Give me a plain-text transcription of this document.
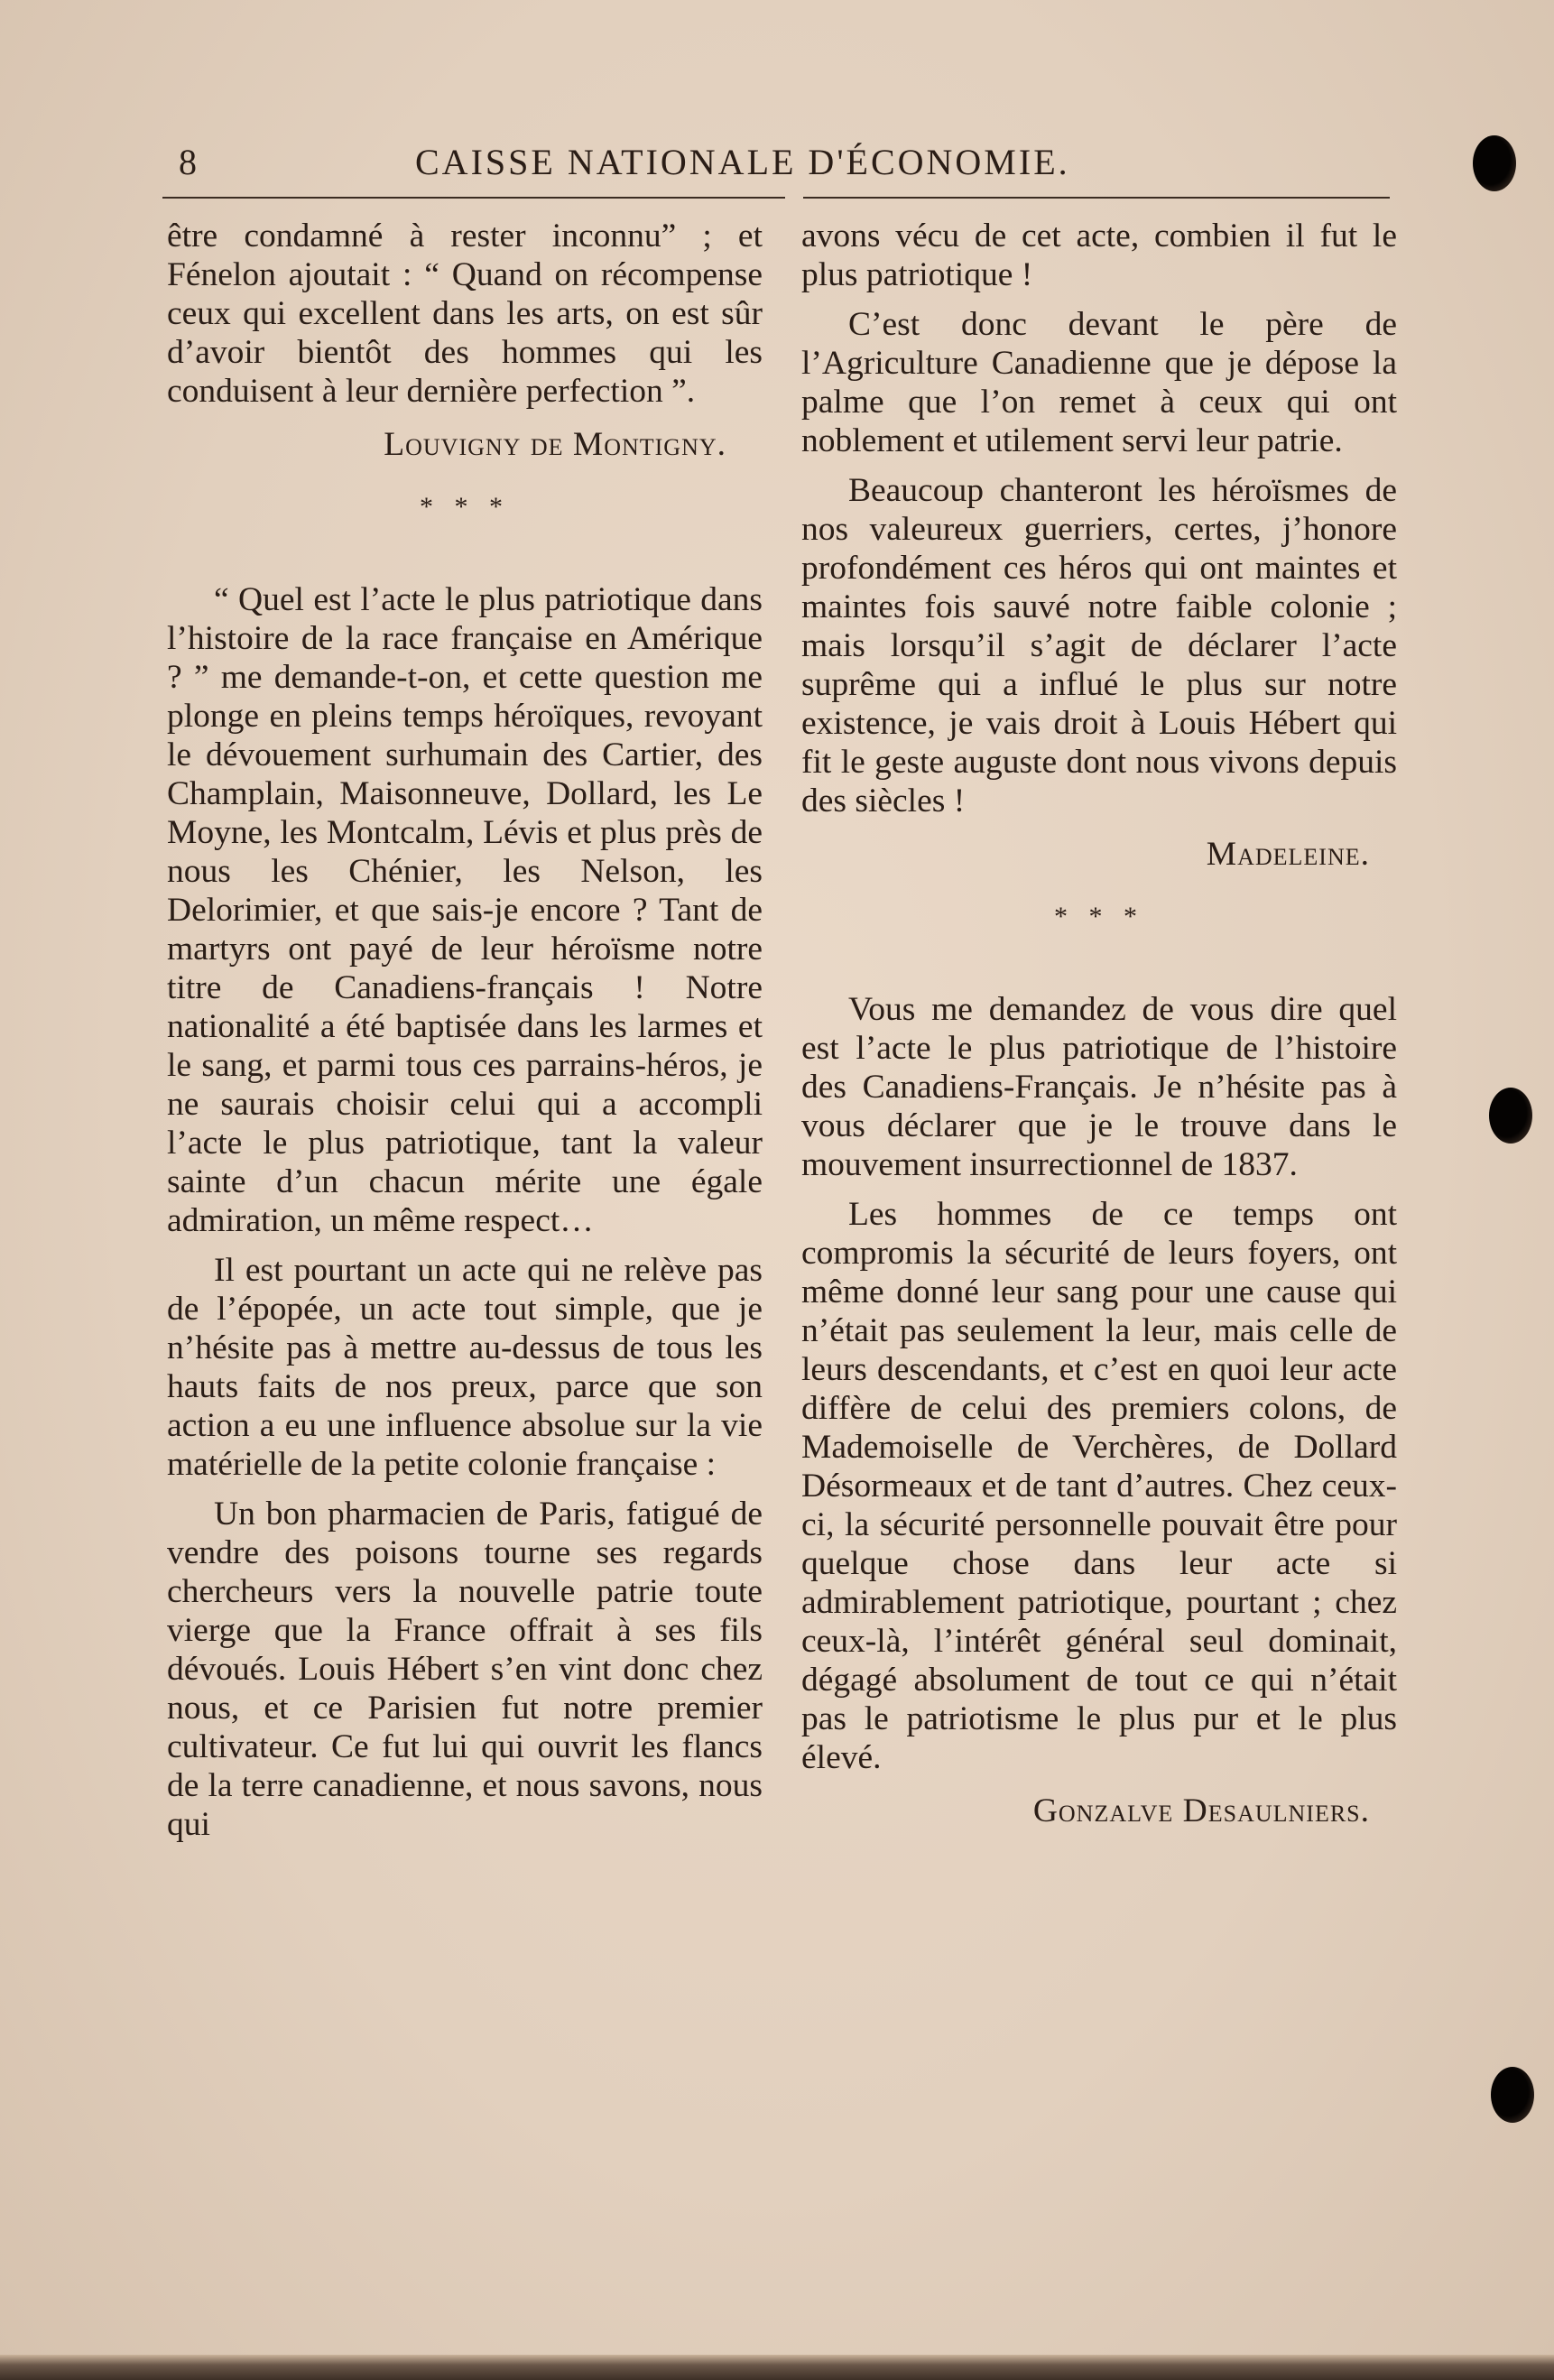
8	CAISSE NATIONALE D'ÉCONOMIE.

être condamné à rester inconnu” ; et Fénelon ajoutait : “ Quand on récompense ceux qui excellent dans les arts, on est sûr d’avoir bientôt des hommes qui les conduisent à leur dernière perfection ”.

Louvigny de Montigny.
* * *

“ Quel est l’acte le plus patriotique dans l’histoire de la race française en Amérique ? ” me demande-t-on, et cette question me plonge en pleins temps héroïques, revoyant le dévouement surhumain des Cartier, des Champlain, Maisonneuve, Dollard, les Le Moyne, les Montcalm, Lévis et plus près de nous les Chénier, les Nelson, les Delorimier, et que sais-je encore ? Tant de martyrs ont payé de leur héroïsme notre titre de Canadiens-français ! Notre nationalité a été baptisée dans les larmes et le sang, et parmi tous ces parrains-héros, je ne saurais choisir celui qui a accompli l’acte le plus patriotique, tant la valeur sainte d’un chacun mérite une égale admiration, un même respect…

Il est pourtant un acte qui ne relève pas de l’épopée, un acte tout simple, que je n’hésite pas à mettre au-dessus de tous les hauts faits de nos preux, parce que son action a eu une influence absolue sur la vie matérielle de la petite colonie française :

Un bon pharmacien de Paris, fatigué de vendre des poisons tourne ses regards chercheurs vers la nouvelle patrie toute vierge que la France offrait à ses fils dévoués. Louis Hébert s’en vint donc chez nous, et ce Parisien fut notre premier cultivateur. Ce fut lui qui ouvrit les flancs de la terre canadienne, et nous savons, nous qui

avons vécu de cet acte, combien il fut le plus patriotique !

C’est donc devant le père de l’Agriculture Canadienne que je dépose la palme que l’on remet à ceux qui ont noblement et utilement servi leur patrie.

Beaucoup chanteront les héroïsmes de nos valeureux guerriers, certes, j’honore profondément ces héros qui ont maintes et maintes fois sauvé notre faible colonie ; mais lorsqu’il s’agit de déclarer l’acte suprême qui a influé le plus sur notre existence, je vais droit à Louis Hébert qui fit le geste auguste dont nous vivons depuis des siècles !

Madeleine.
* * *

Vous me demandez de vous dire quel est l’acte le plus patriotique de l’histoire des Canadiens-Français. Je n’hésite pas à vous déclarer que je le trouve dans le mouvement insurrectionnel de 1837.

Les hommes de ce temps ont compromis la sécurité de leurs foyers, ont même donné leur sang pour une cause qui n’était pas seulement la leur, mais celle de leurs descendants, et c’est en quoi leur acte diffère de celui des premiers colons, de Mademoiselle de Verchères, de Dollard Désormeaux et de tant d’autres. Chez ceux-ci, la sécurité personnelle pouvait être pour quelque chose dans leur acte si admirablement patriotique, pourtant ; chez ceux-là, l’intérêt général seul dominait, dégagé absolument de tout ce qui n’était pas le patriotisme le plus pur et le plus élevé.

Gonzalve Desaulniers.
